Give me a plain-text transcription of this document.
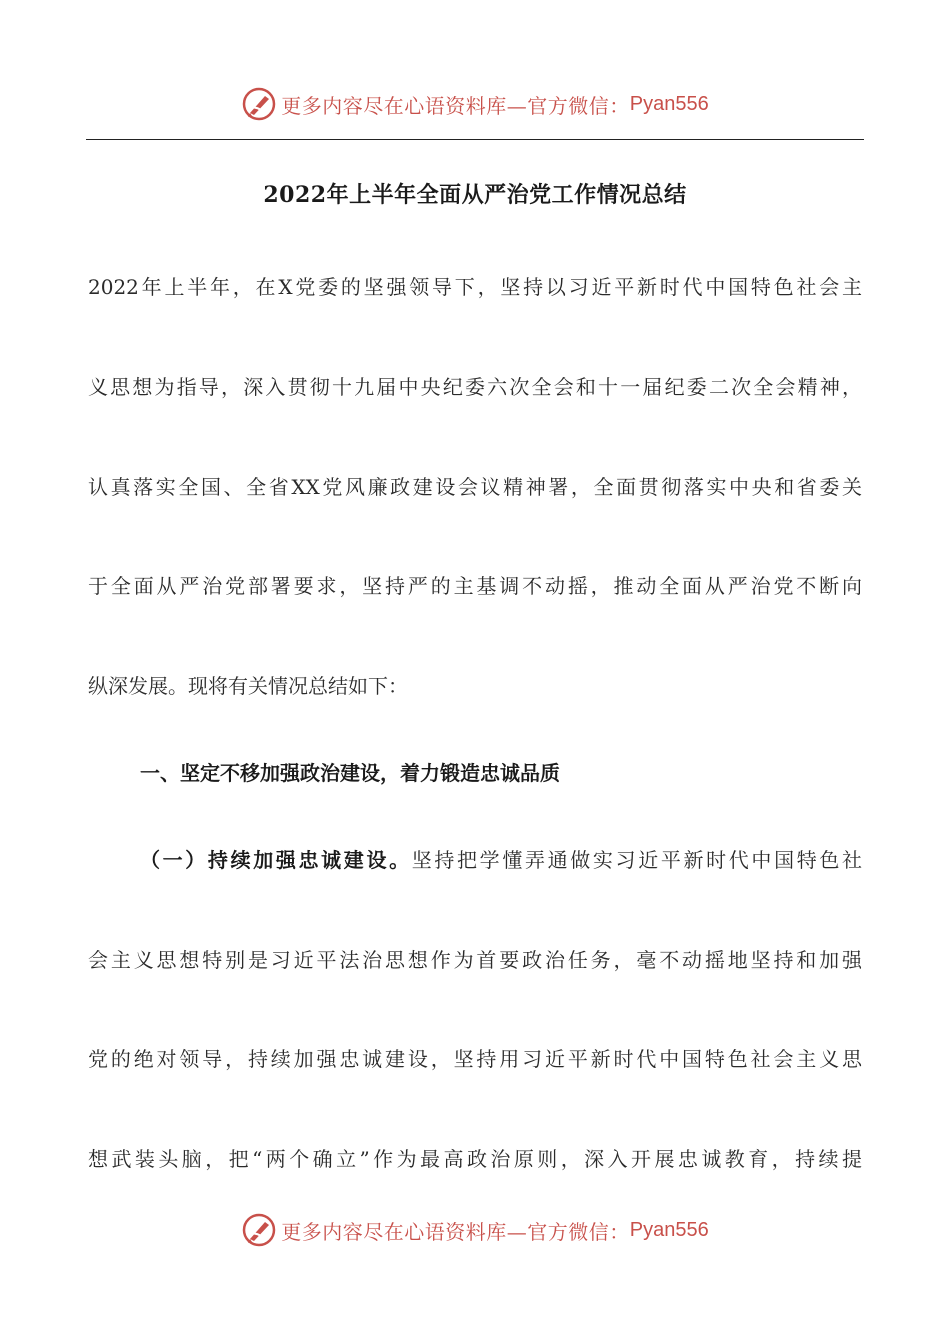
更多内容尽在心语资料库—官方微信： Pyan556
2022年上半年全面从严治党工作情况总结
2022年上半年，在X党委的坚强领导下，坚持以习近平新时代中国特色社会主
义思想为指导，深入贯彻十九届中央纪委六次全会和十一届纪委二次全会精神，
认真落实全国、全省XX党风廉政建设会议精神署，全面贯彻落实中央和省委关
于全面从严治党部署要求，坚持严的主基调不动摇，推动全面从严治党不断向
纵深发展。现将有关情况总结如下：
一、坚定不移加强政治建设，着力锻造忠诚品质
（一）持续加强忠诚建设。坚持把学懂弄通做实习近平新时代中国特色社
会主义思想特别是习近平法治思想作为首要政治任务，毫不动摇地坚持和加强
党的绝对领导，持续加强忠诚建设，坚持用习近平新时代中国特色社会主义思
想武装头脑，把“两个确立”作为最高政治原则，深入开展忠诚教育，持续提
更多内容尽在心语资料库—官方微信： Pyan556
